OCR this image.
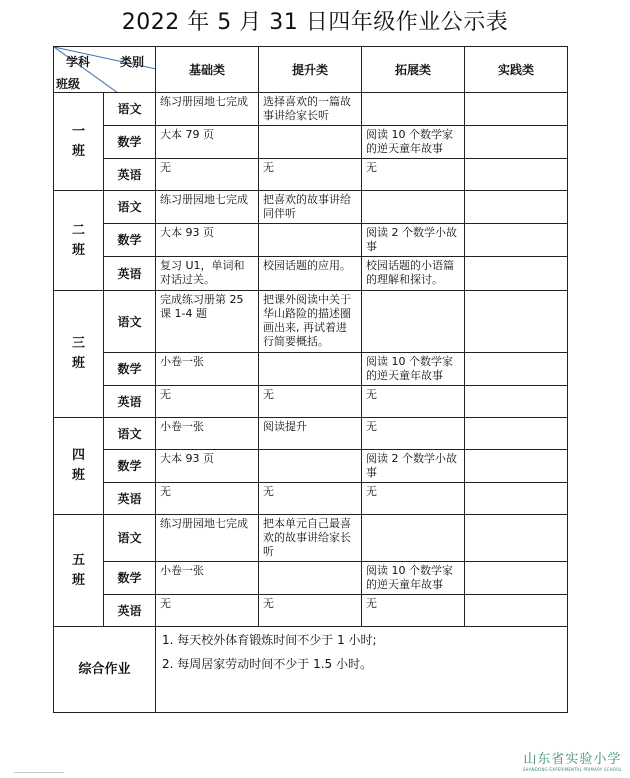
2022 年 5 月 31 日四年级作业公示表
学科 类别
班级		基础类	提升类	拓展类	实践类
一
班	语文	练习册园地七完成	选择喜欢的一篇故事讲给家长听		
	数学	大本 79 页		阅读 10 个数学家的逆天童年故事	
	英语	无	无	无	
二
班	语文	练习册园地七完成	把喜欢的故事讲给同伴听		
	数学	大本 93 页		阅读 2 个数学小故事	
	英语	复习 U1，单词和对话过关。	校园话题的应用。	校园话题的小语篇的理解和探讨。	
三
班	语文	完成练习册第 25 课 1-4 题	把课外阅读中关于华山路险的描述圈画出来, 再试着进行简要概括。		
	数学	小卷一张		阅读 10 个数学家的逆天童年故事	
	英语	无	无	无	
四
班	语文	小卷一张	阅读提升	无	
	数学	大本 93 页		阅读 2 个数学小故事	
	英语	无	无	无	
五
班	语文	练习册园地七完成	把本单元自己最喜欢的故事讲给家长听		
	数学	小卷一张		阅读 10 个数学家的逆天童年故事	
	英语	无	无	无	
综合作业		1. 每天校外体育锻炼时间不少于 1 小时;

2. 每周居家劳动时间不少于 1.5 小时。			

山东省实验小学
SHANDONG EXPERIMENTAL PRIMARY SCHOOL
